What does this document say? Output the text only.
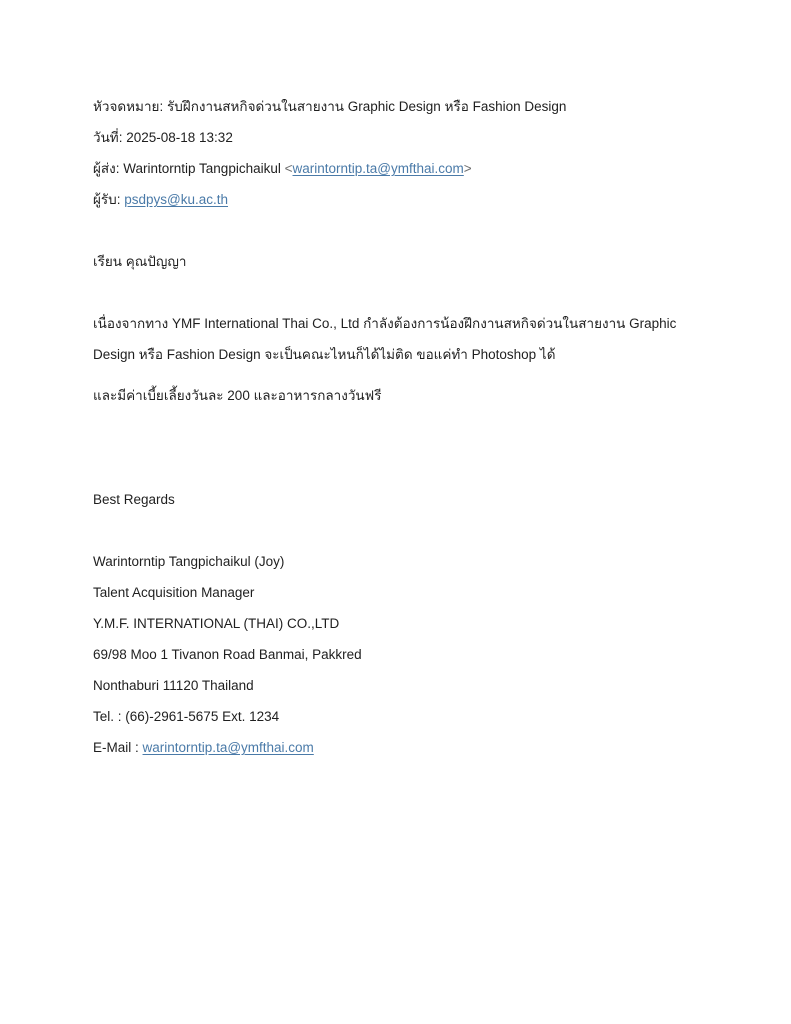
หัวจดหมาย: รับฝึกงานสหกิจด่วนในสายงาน Graphic Design หรือ Fashion Design
วันที่: 2025-08-18 13:32
ผู้ส่ง: Warintorntip Tangpichaikul <warintorntip.ta@ymfthai.com>
ผู้รับ: psdpys@ku.ac.th
เรียน คุณปัญญา
เนื่องจากทาง YMF International Thai Co., Ltd กำลังต้องการน้องฝึกงานสหกิจด่วนในสายงาน Graphic
Design หรือ Fashion Design จะเป็นคณะไหนก็ได้ไม่ติด ขอแค่ทำ Photoshop ได้
และมีค่าเบี้ยเลี้ยงวันละ 200 และอาหารกลางวันฟรี
Best Regards
Warintorntip Tangpichaikul (Joy)
Talent Acquisition Manager
Y.M.F. INTERNATIONAL (THAI) CO.,LTD
69/98 Moo 1 Tivanon Road Banmai, Pakkred
Nonthaburi 11120 Thailand
Tel. : (66)-2961-5675 Ext. 1234
E-Mail : warintorntip.ta@ymfthai.com
